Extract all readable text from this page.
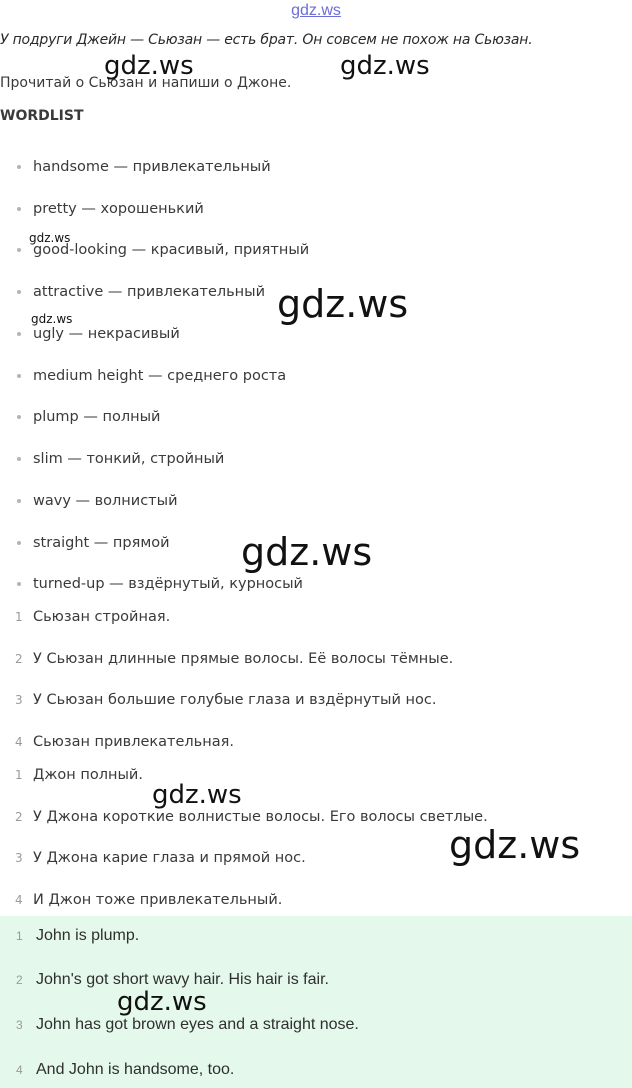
gdz.ws
У подруги Джейн — Сьюзан — есть брат. Он совсем не похож на Сьюзан.
Прочитай о Сьюзан и напиши о Джоне.
WORDLIST
handsome — привлекательный
pretty — хорошенький
good-looking — красивый, приятный
attractive — привлекательный
ugly — некрасивый
medium height — среднего роста
plump — полный
slim — тонкий, стройный
wavy — волнистый
straight — прямой
turned-up — вздёрнутый, курносый
1 Сьюзан стройная.
2 У Сьюзан длинные прямые волосы. Её волосы тёмные.
3 У Сьюзан большие голубые глаза и вздёрнутый нос.
4 Сьюзан привлекательная.
1 Джон полный.
2 У Джона короткие волнистые волосы. Его волосы светлые.
3 У Джона карие глаза и прямой нос.
4 И Джон тоже привлекательный.
1 John is plump.
2 John's got short wavy hair. His hair is fair.
3 John has got brown eyes and a straight nose.
4 And John is handsome, too.
gdz.ws	gdz.ws
gdz.ws
gdz.ws
gdz.ws
gdz.ws
gdz.ws
gdz.ws
gdz.ws
